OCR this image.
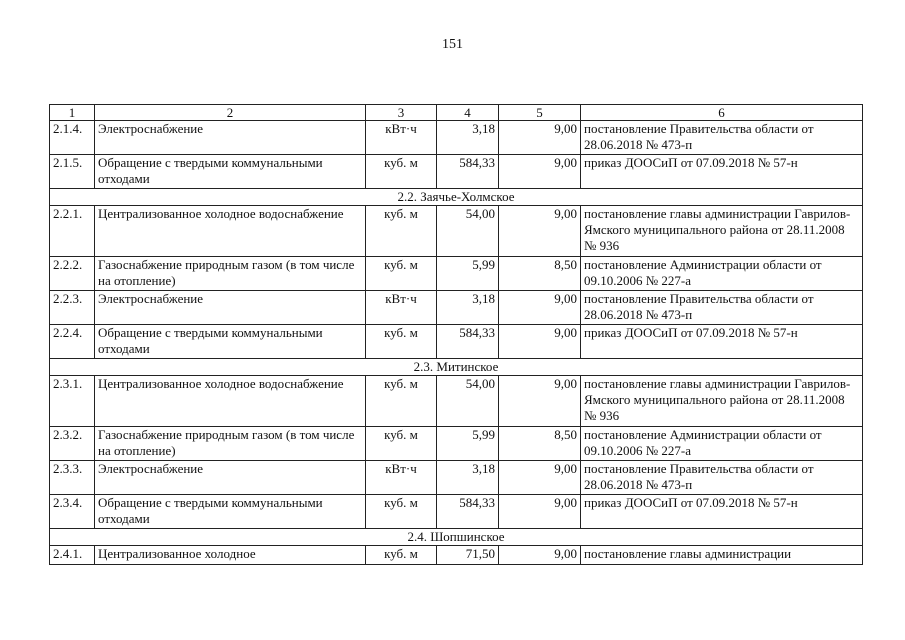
151
1	2	3	4	5	6
2.1.4.	Электроснабжение	кВт·ч	3,18	9,00	постановление Правительства области от 28.06.2018 № 473-п
2.1.5.	Обращение с твердыми коммунальными отходами	куб. м	584,33	9,00	приказ ДООСиП от 07.09.2018 № 57-н
2.2. Заячье-Холмское					
2.2.1.	Централизованное холодное водоснабжение	куб. м	54,00	9,00	постановление главы администрации Гаврилов-Ямского муниципального района от 28.11.2008 № 936
2.2.2.	Газоснабжение природным газом (в том числе на отопление)	куб. м	5,99	8,50	постановление Администрации области от 09.10.2006 № 227-а
2.2.3.	Электроснабжение	кВт·ч	3,18	9,00	постановление Правительства области от 28.06.2018 № 473-п
2.2.4.	Обращение с твердыми коммунальными отходами	куб. м	584,33	9,00	приказ ДООСиП от 07.09.2018 № 57-н
2.3. Митинское					
2.3.1.	Централизованное холодное водоснабжение	куб. м	54,00	9,00	постановление главы администрации Гаврилов-Ямского муниципального района от 28.11.2008 № 936
2.3.2.	Газоснабжение природным газом (в том числе на отопление)	куб. м	5,99	8,50	постановление Администрации области от 09.10.2006 № 227-а
2.3.3.	Электроснабжение	кВт·ч	3,18	9,00	постановление Правительства области от 28.06.2018 № 473-п
2.3.4.	Обращение с твердыми коммунальными отходами	куб. м	584,33	9,00	приказ ДООСиП от 07.09.2018 № 57-н
2.4. Шопшинское					
2.4.1.	Централизованное холодное	куб. м	71,50	9,00	постановление главы администрации
